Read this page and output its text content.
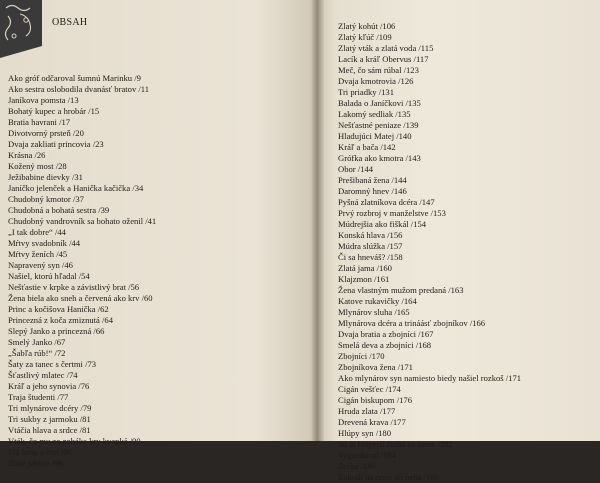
OBSAH
Ako gróf odčaroval šumnú Marinku /9
Ako sestra oslobodila dvanásť bratov /11
Janíkova pomsta /13
Bohatý kupec a hrobár /15
Bratia havrani /17
Divotvorný prsteň /20
Dvaja zakliati princovia /23
Krásna /26
Kožený most /28
Ježibabine dievky /31
Janíčko jelenček a Hanička kačička /34
Chudobný kmotor /37
Chudobná a bohatá sestra /39
Chudobný vandrovník sa bohato oženil /41
„I tak dobre“ /44
Mŕtvy svadobník /44
Mŕtvy ženích /45
Napravený syn /46
Našiel, ktorú hľadal /54
Nešťastie v krpke a závistlivý brat /56
Žena biela ako sneh a červená ako krv /60
Princ a kočišova Hanička /62
Princezná z koča zmiznutá /64
Slepý Janko a princezná /66
Smelý Janko /67
„Šabľa rúb!“ /72
Šaty za tanec s čertmi /73
Šťastlivý mlatec /74
Kráľ a jeho synovia /76
Traja študenti /77
Tri mlynárove dcéry /79
Tri sukby z jarmoku /81
Vtáčia hlava a srdce /81
Vták, čo mu zo zobáka krv kvapká /90
Zlá baba a čert /96
Zlaté jablko /98
Zlatý kohút /106
Zlatý kľúč /109
Zlatý vták a zlatá voda /115
Lacík a kráľ Obervus /117
Meč, čo sám rúbal /123
Dvaja kmotrovia /126
Tri priadky /131
Balada o Janíčkovi /135
Lakomý sedliak /135
Nešťastné peniaze /139
Hladujúci Matej /140
Kráľ a bača /142
Grófka ako kmotra /143
Obor /144
Prešibaná žena /144
Daromný hnev /146
Pyšná zlatníkova dcéra /147
Prvý rozbroj v manželstve /153
Múdrejšia ako fiškál /154
Konská hlava /156
Múdra slúžka /157
Či sa hneváš? /158
Zlatá jama /160
Klajzmon /161
Žena vlastným mužom predaná /163
Katove rukavičky /164
Mlynárov sluha /165
Mlynárova dcéra a trináásť zbojníkov /166
Dvaja bratia a zbojníci /167
Smelá deva a zbojníci /168
Zbojníci /170
Zbojníkova žena /171
Ako mlynárov syn namiesto biedy našiel rozkoš /171
Cigán vešťec /174
Cigán biskupom /176
Hruda zlata /177
Drevená krava /177
Hlúpy syn /180
Sú aj hlúpejší ľudia na svete /182
Vygazdoval /184
Zofka /186
Zobrák na ceste do neba /188
